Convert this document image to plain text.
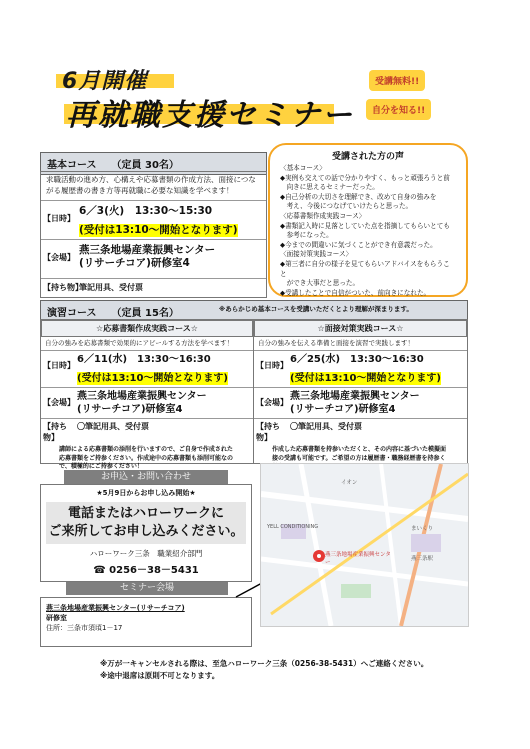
6月開催
再就職支援セミナー
受講無料!!
自分を知る!!
基本コース　　（定員 30名）
求職活動の進め方、心構えや応募書類の作成方法、面接につながる履歴書の書き方等再就職に必要な知識を学べます！
【日時】
6／3(火)　13:30～15:30
(受付は13:10～開始となります)
【会場】
燕三条地場産業振興センター
(リサーチコア)研修室4
【持ち物】
筆記用具、受付票
受講された方の声
〈基本コース〉
◆実例も交えての話で分かりやすく、もっと頑張ろうと前
　向きに思えるセミナーだった。
◆自己分析の大切さを理解でき、改めて自身の強みを
　考え、今後につなげていけたらと思った。
〈応募書類作成実践コース〉
◆書類記入時に見落としていた点を指摘してもらいとても
　参考になった。
◆今までの間違いに気づくことができ有意義だった。
〈面接対策実践コース〉
◆第三者に自分の様子を見てもらいアドバイスをもらうこと
　ができ大事だと思った。
◆受講したことで自信がついた、前向きになれた。
演習コース　　（定員 15名）	※あらかじめ基本コースを受講いただくとより理解が深まります。
☆応募書類作成実践コース☆
自分の強みを応募書類で効果的にアピールする方法を学べます！
【日時】
6／11(水)　13:30～16:30
(受付は13:10～開始となります)
【会場】
燕三条地場産業振興センター
(リサーチコア)研修室4
【持ち物】
〇筆記用具、受付票
講師による応募書類の添削を行いますので、ご自身で作成された応募書類をご持参ください。作成途中の応募書類も添削可能なので、積極的にご持参ください！
☆面接対策実践コース☆
自分の強みを伝える準備と面接を演習で実践します！
【日時】
6／25(水)　13:30～16:30
(受付は13:10～開始となります)
【会場】
燕三条地場産業振興センター
(リサーチコア)研修室4
【持ち物】
〇筆記用具、受付票
作成した応募書類を持参いただくと、その内容に基づいた模擬面接の受講も可能です。ご希望の方は履歴書・職務経歴書を持参く
お申込・お問い合わせ
★5月9日からお申し込み開始★
電話またはハローワークに
ご来所してお申し込みください。
ハローワーク三条　職業紹介部門
☎ 0256－38－5431
セミナー会場
燕三条地場産業振興センター(リサーチコア)
研修室
住所：三条市須頃1－17
燕三条地場産業振興センター
YELL CONDITIONING
燕三条駅
イオン
まいくり
※万が一キャンセルされる際は、至急ハローワーク三条（0256-38-5431）へご連絡ください。
※途中退席は原則不可となります。
